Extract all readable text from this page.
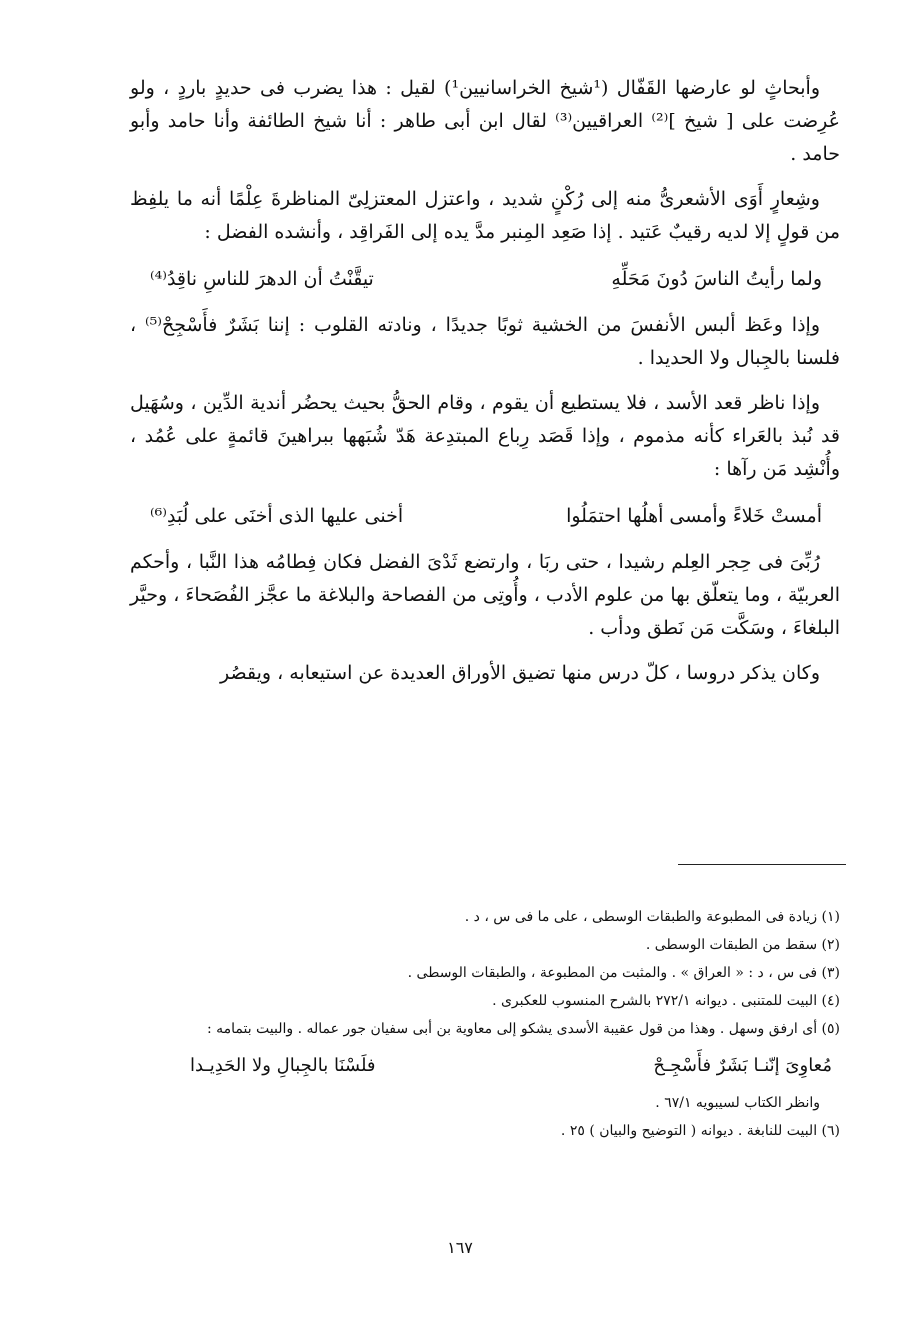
وأبحاثٍ لو عارضها القَفّال (¹شيخ الخراسانيين¹) لقيل : هذا يضرب فى حديدٍ باردٍ ، ولو عُرِضت على [ شيخ ]⁽²⁾ العراقيين⁽³⁾ لقال ابن أبى طاهر : أنا شيخ الطائفة وأنا حامد وأبو حامد .

وشِعارٍ أَوَى الأشعرىُّ منه إلى رُكْنٍ شديد ، واعتزل المعتزلِىّ المناظرةَ عِلْمًا أنه ما يلفِظ من قولٍ إلا لديه رقيبٌ عَتيد . إذا صَعِد المِنبر مدَّ يده إلى الفَراقِد ، وأنشده الفضل :

ولما رأيتُ الناسَ دُونَ مَحَلِّهِ
تيقَّنْتُ أن الدهرَ للناسِ ناقِدُ⁽⁴⁾

وإذا وعَظ ألبس الأنفسَ من الخشية ثوبًا جديدًا ، ونادته القلوب : إننا بَشَرٌ فأَسْجِحْ⁽⁵⁾ ، فلسنا بالجِبال ولا الحديدا .

وإذا ناظر قعد الأسد ، فلا يستطيع أن يقوم ، وقام الحقُّ بحيث يحضُر أندية الدِّين ، وسُهَيل قد نُبذ بالعَراء كأنه مذموم ، وإذا قَصَد رِباع المبتدِعة هَدّ شُبَهها ببراهينَ قائمةٍ على عُمُد ، وأُنْشِد مَن رآها :

أمستْ خَلاءً وأمسى أهلُها احتمَلُوا
أخنى عليها الذى أخنَى على لُبَدِ⁽⁶⁾

رُبِّىَ فى حِجر العِلم رشيدا ، حتى ربَا ، وارتضع ثَدْىَ الفضل فكان فِطامُه هذا النَّبا ، وأحكم العربيّة ، وما يتعلّق بها من علوم الأدب ، وأُوتِى من الفصاحة والبلاغة ما عجَّز الفُصَحاءَ ، وحيَّر البلغاءَ ، وسَكَّت مَن نَطق ودأب .

وكان يذكر دروسا ، كلّ درس منها تضيق الأوراق العديدة عن استيعابه ، ويقصُر

(١) زيادة فى المطبوعة والطبقات الوسطى ، على ما فى س ، د .

(٢) سقط من الطبقات الوسطى .

(٣) فى س ، د : « العراق » . والمثبت من المطبوعة ، والطبقات الوسطى .

(٤) البيت للمتنبى . ديوانه ٢٧٢/١ بالشرح المنسوب للعكبرى .

(٥) أى ارفق وسهل . وهذا من قول عقيبة الأسدى يشكو إلى معاوية بن أبى سفيان جور عماله . والبيت بتمامه :

مُعاوِىَ إنّنـا بَشَرٌ فأَسْجِـحْ
فلَسْنَا بالجِبالِ ولا الحَدِيـدا

وانظر الكتاب لسيبويه ٦٧/١ .

(٦) البيت للنابغة . ديوانه ( التوضيح والبيان ) ٢٥ .

١٦٧
